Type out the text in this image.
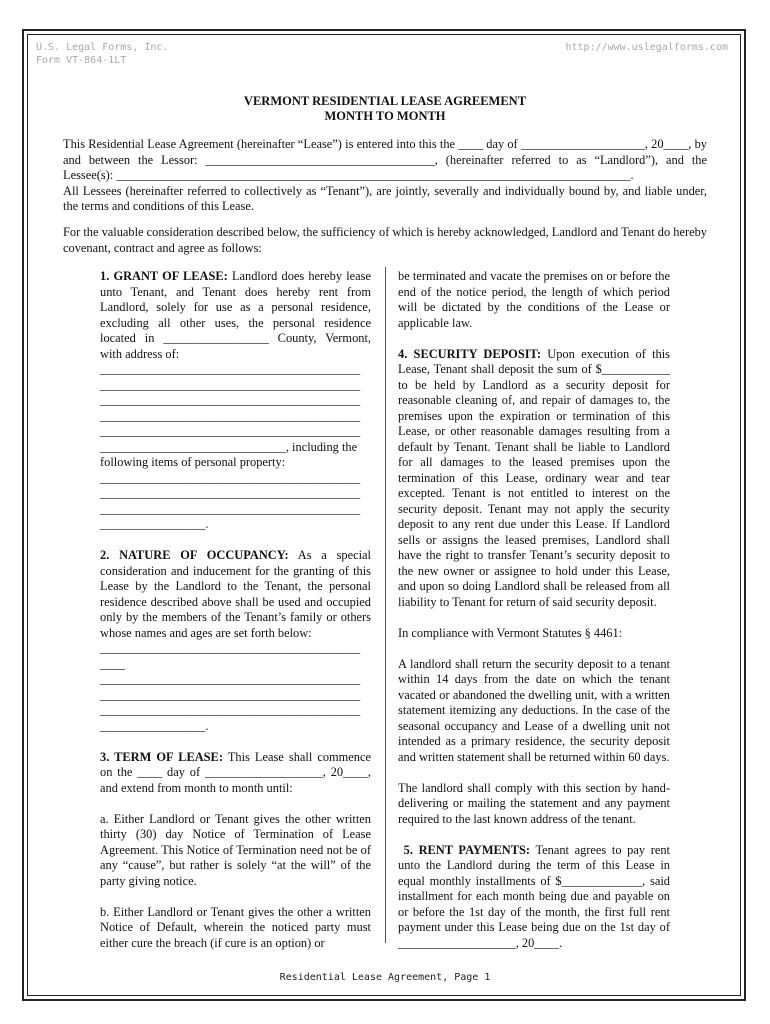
U.S. Legal Forms, Inc.
Form VT-864-1LT
http://www.uslegalforms.com
VERMONT RESIDENTIAL LEASE AGREEMENT
MONTH TO MONTH

This Residential Lease Agreement (hereinafter “Lease”) is entered into this the ____ day of ____________________, 20____, by and between the Lessor: _____________________________________, (hereinafter referred to as “Landlord”), and the Lessee(s): ___________________________________________________________________________________.

All Lessees (hereinafter referred to collectively as “Tenant”), are jointly, severally and individually bound by, and liable under, the terms and conditions of this Lease.

For the valuable consideration described below, the sufficiency of which is hereby acknowledged, Landlord and Tenant do hereby covenant, contract and agree as follows:

1. GRANT OF LEASE: Landlord does hereby lease unto Tenant, and Tenant does hereby rent from Landlord, solely for use as a personal residence, excluding all other uses, the personal residence located in _________________ County, Vermont, with address of:

__________________________________________
__________________________________________
__________________________________________
__________________________________________
__________________________________________
______________________________, including the
following items of personal property:
__________________________________________
__________________________________________
__________________________________________
_________________.

2. NATURE OF OCCUPANCY: As a special consideration and inducement for the granting of this Lease by the Landlord to the Tenant, the personal residence described above shall be used and occupied only by the members of the Tenant’s family or others whose names and ages are set forth below:

__________________________________________
____
__________________________________________
__________________________________________
__________________________________________
_________________.

3. TERM OF LEASE: This Lease shall commence on the ____ day of ___________________, 20____, and extend from month to month until:

a. Either Landlord or Tenant gives the other written thirty (30) day Notice of Termination of Lease Agreement. This Notice of Termination need not be of any “cause”, but rather is solely “at the will” of the party giving notice.

b. Either Landlord or Tenant gives the other a written Notice of Default, wherein the noticed party must either cure the breach (if cure is an option) or

be terminated and vacate the premises on or before the end of the notice period, the length of which period will be dictated by the conditions of the Lease or applicable law.

4. SECURITY DEPOSIT: Upon execution of this Lease, Tenant shall deposit the sum of $___________ to be held by Landlord as a security deposit for reasonable cleaning of, and repair of damages to, the premises upon the expiration or termination of this Lease, or other reasonable damages resulting from a default by Tenant. Tenant shall be liable to Landlord for all damages to the leased premises upon the termination of this Lease, ordinary wear and tear excepted. Tenant is not entitled to interest on the security deposit. Tenant may not apply the security deposit to any rent due under this Lease. If Landlord sells or assigns the leased premises, Landlord shall have the right to transfer Tenant’s security deposit to the new owner or assignee to hold under this Lease, and upon so doing Landlord shall be released from all liability to Tenant for return of said security deposit.

In compliance with Vermont Statutes § 4461:

A landlord shall return the security deposit to a tenant within 14 days from the date on which the tenant vacated or abandoned the dwelling unit, with a written statement itemizing any deductions. In the case of the seasonal occupancy and Lease of a dwelling unit not intended as a primary residence, the security deposit and written statement shall be returned within 60 days.

The landlord shall comply with this section by hand-delivering or mailing the statement and any payment required to the last known address of the tenant.

5. RENT PAYMENTS: Tenant agrees to pay rent unto the Landlord during the term of this Lease in equal monthly installments of $_____________, said installment for each month being due and payable on or before the 1st day of the month, the first full rent payment under this Lease being due on the 1st day of ___________________, 20____.

Residential Lease Agreement, Page 1
